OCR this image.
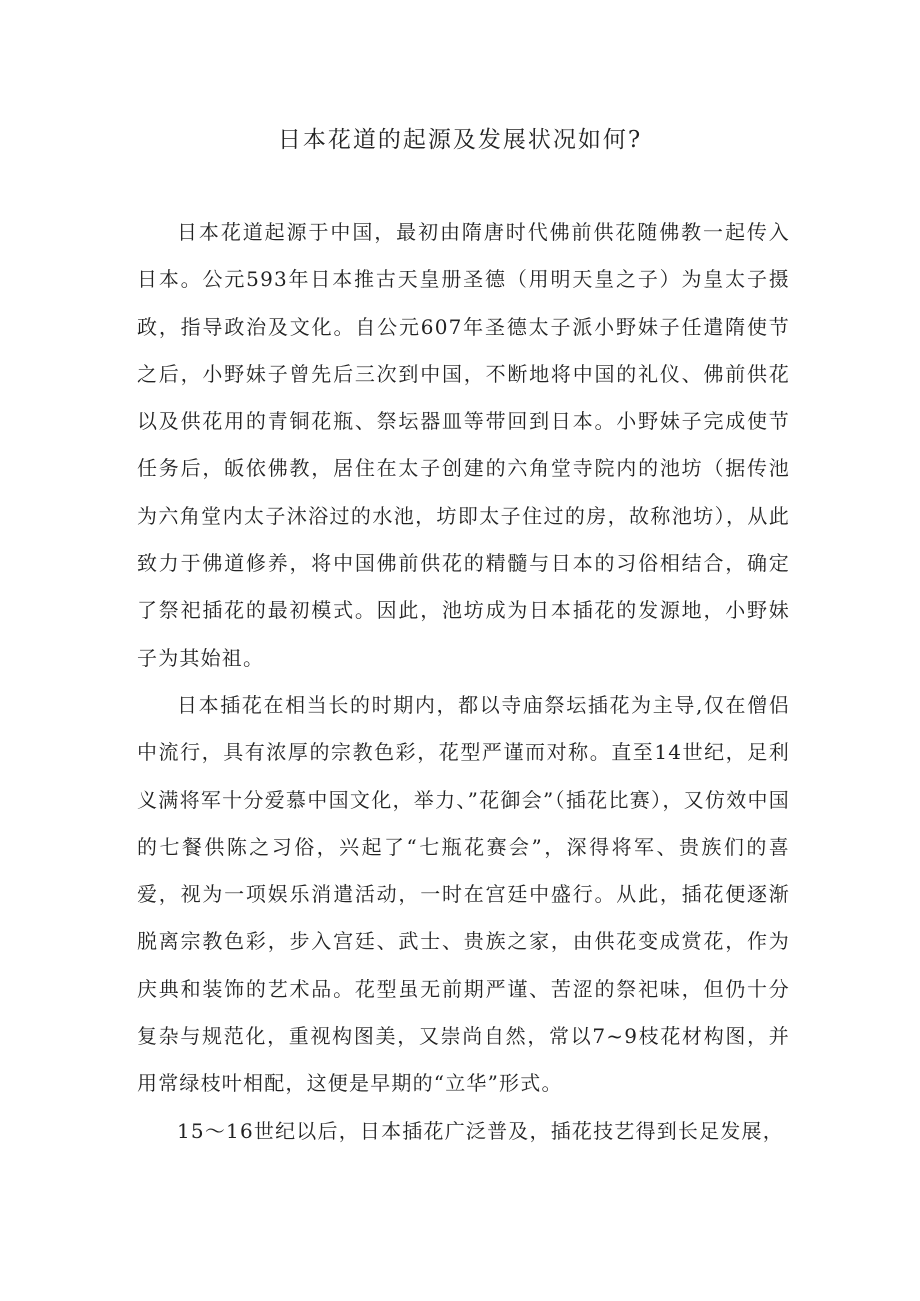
日本花道的起源及发展状况如何?

日本花道起源于中国，最初由隋唐时代佛前供花随佛教一起传入日本。公元593年日本推古天皇册圣德（用明天皇之子）为皇太子摄政，指导政治及文化。自公元607年圣德太子派小野妹子任遣隋使节之后，小野妹子曾先后三次到中国，不断地将中国的礼仪、佛前供花以及供花用的青铜花瓶、祭坛器皿等带回到日本。小野妹子完成使节任务后，皈依佛教，居住在太子创建的六角堂寺院内的池坊（据传池为六角堂内太子沐浴过的水池，坊即太子住过的房，故称池坊），从此致力于佛道修养，将中国佛前供花的精髓与日本的习俗相结合，确定了祭祀插花的最初模式。因此，池坊成为日本插花的发源地，小野妹子为其始祖。

日本插花在相当长的时期内，都以寺庙祭坛插花为主导,仅在僧侣中流行，具有浓厚的宗教色彩，花型严谨而对称。直至14世纪，足利义满将军十分爱慕中国文化，举力、”花御会”（插花比赛），又仿效中国的七餐供陈之习俗，兴起了“七瓶花赛会”，深得将军、贵族们的喜爱，视为一项娱乐消遣活动，一时在宫廷中盛行。从此，插花便逐渐脱离宗教色彩，步入宫廷、武士、贵族之家，由供花变成赏花，作为庆典和装饰的艺术品。花型虽无前期严谨、苦涩的祭祀味，但仍十分复杂与规范化，重视构图美，又崇尚自然，常以7~9枝花材构图，并用常绿枝叶相配，这便是早期的“立华”形式。

15～16世纪以后，日本插花广泛普及，插花技艺得到长足发展，
